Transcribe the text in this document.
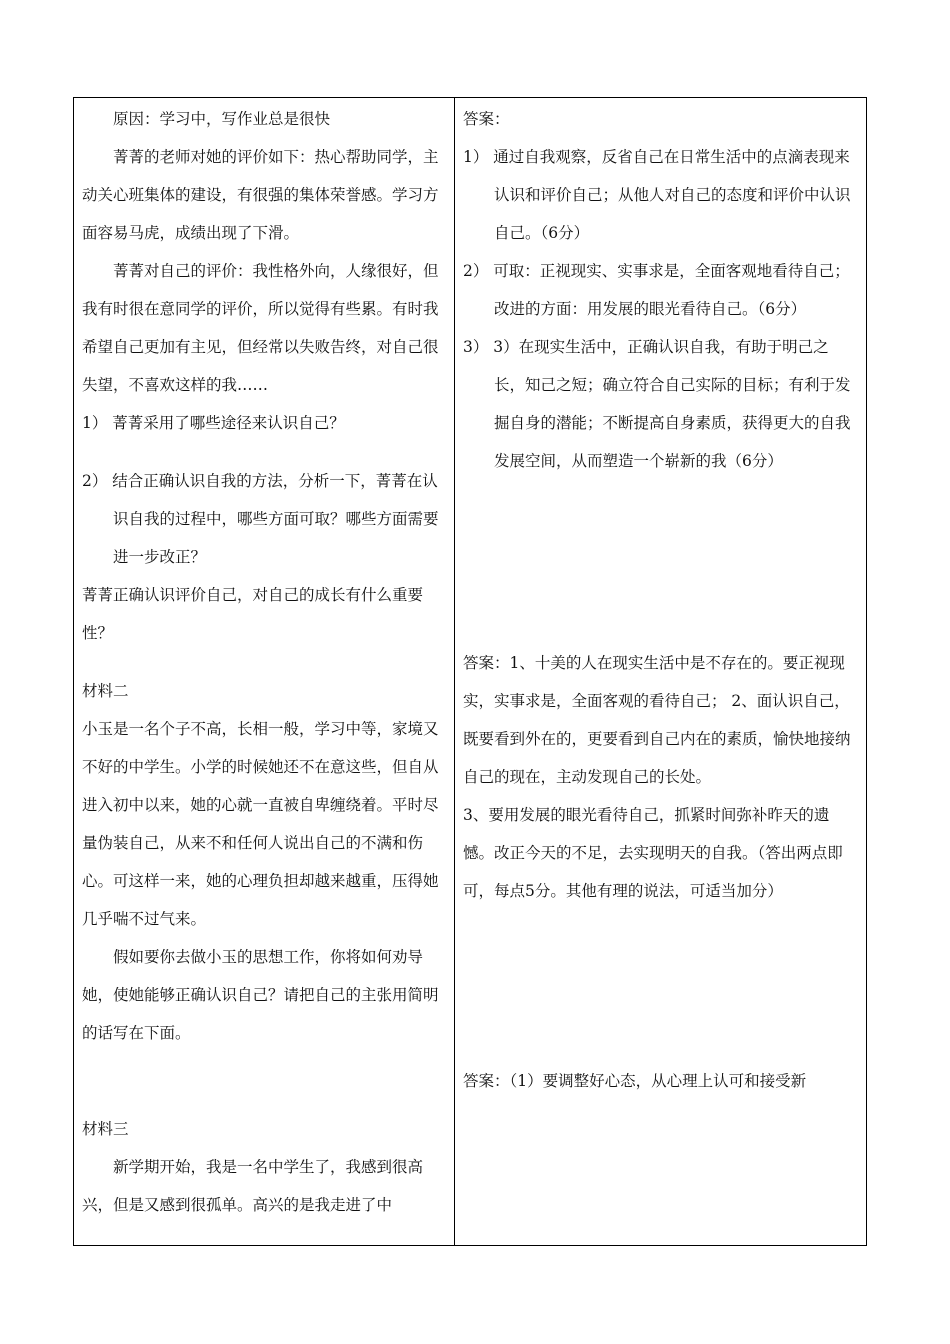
原因：学习中，写作业总是很快

菁菁的老师对她的评价如下：热心帮助同学，主动关心班集体的建设，有很强的集体荣誉感。学习方面容易马虎，成绩出现了下滑。

菁菁对自己的评价：我性格外向，人缘很好，但我有时很在意同学的评价，所以觉得有些累。有时我希望自己更加有主见，但经常以失败告终，对自己很失望，不喜欢这样的我……

1） 菁菁采用了哪些途径来认识自己？

2） 结合正确认识自我的方法，分析一下，菁菁在认识自我的过程中，哪些方面可取？哪些方面需要进一步改正？

菁菁正确认识评价自己，对自己的成长有什么重要性？

材料二

小玉是一名个子不高，长相一般，学习中等，家境又不好的中学生。小学的时候她还不在意这些，但自从进入初中以来，她的心就一直被自卑缠绕着。平时尽量伪装自己，从来不和任何人说出自己的不满和伤心。可这样一来，她的心理负担却越来越重，压得她几乎喘不过气来。

假如要你去做小玉的思想工作，你将如何劝导她，使她能够正确认识自己？请把自己的主张用简明的话写在下面。

材料三

新学期开始，我是一名中学生了，我感到很高兴，但是又感到很孤单。高兴的是我走进了中

答案：

1） 通过自我观察，反省自己在日常生活中的点滴表现来认识和评价自己；从他人对自己的态度和评价中认识自己。（6分）

2） 可取：正视现实、实事求是，全面客观地看待自己；改进的方面：用发展的眼光看待自己。（6分）

3） 3）在现实生活中，正确认识自我，有助于明己之长，知己之短；确立符合自己实际的目标；有利于发掘自身的潜能；不断提高自身素质，获得更大的自我发展空间，从而塑造一个崭新的我（6分）

答案：1、十美的人在现实生活中是不存在的。要正视现实，实事求是，全面客观的看待自己； 2、面认识自己，既要看到外在的，更要看到自己内在的素质，愉快地接纳自己的现在，主动发现自己的长处。

3、要用发展的眼光看待自己，抓紧时间弥补昨天的遗憾。改正今天的不足，去实现明天的自我。（答出两点即可，每点5分。其他有理的说法，可适当加分）

答案：（1）要调整好心态，从心理上认可和接受新
